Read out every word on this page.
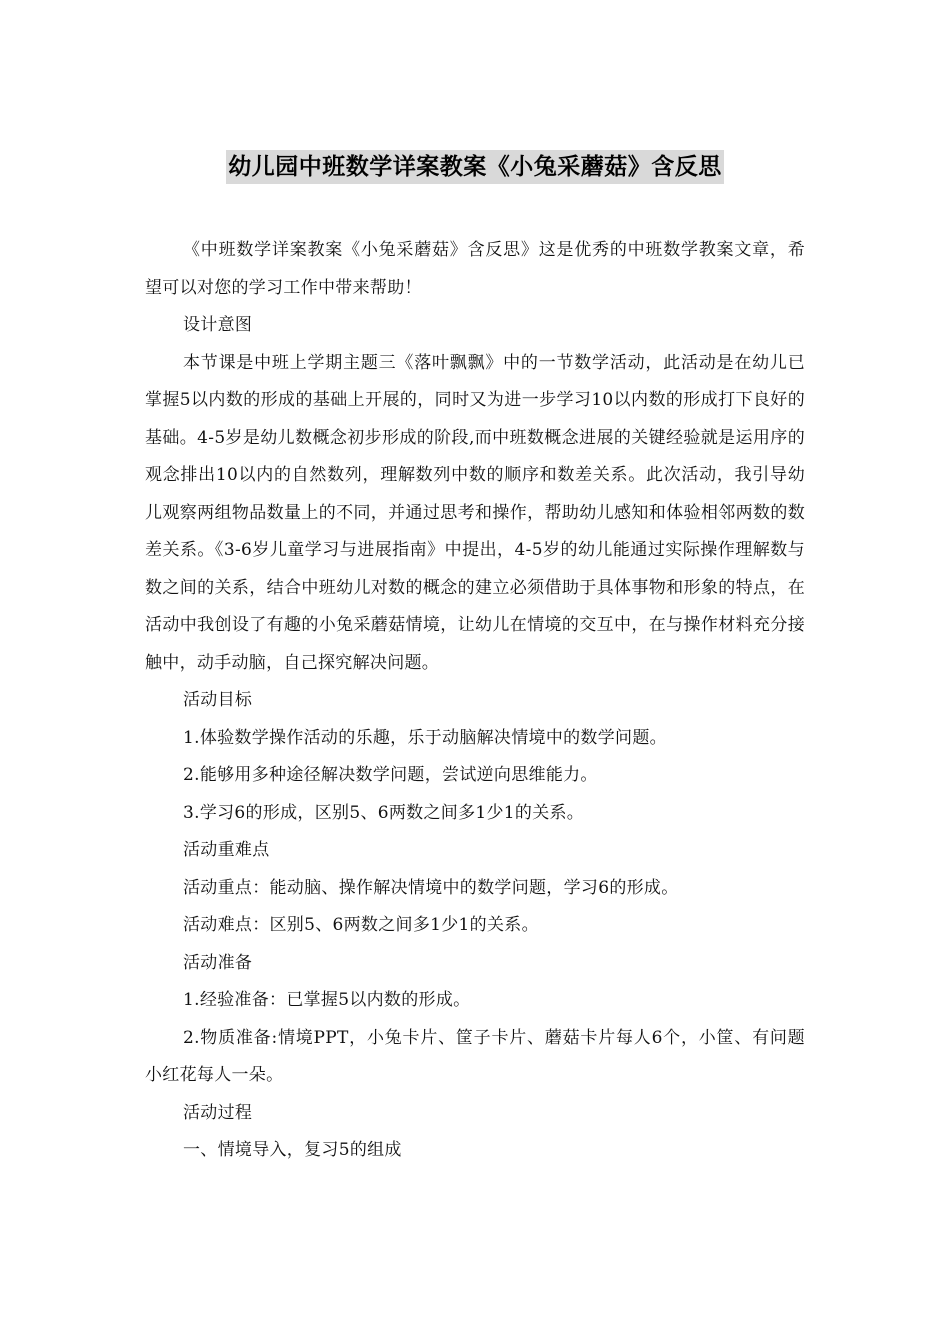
幼儿园中班数学详案教案《小兔采蘑菇》含反思

《中班数学详案教案《小兔采蘑菇》含反思》这是优秀的中班数学教案文章，希望可以对您的学习工作中带来帮助！

设计意图

本节课是中班上学期主题三《落叶飘飘》中的一节数学活动，此活动是在幼儿已掌握5以内数的形成的基础上开展的，同时又为进一步学习10以内数的形成打下良好的基础。4-5岁是幼儿数概念初步形成的阶段,而中班数概念进展的关键经验就是运用序的观念排出10以内的自然数列，理解数列中数的顺序和数差关系。此次活动，我引导幼儿观察两组物品数量上的不同，并通过思考和操作，帮助幼儿感知和体验相邻两数的数差关系。《3-6岁儿童学习与进展指南》中提出，4-5岁的幼儿能通过实际操作理解数与数之间的关系，结合中班幼儿对数的概念的建立必须借助于具体事物和形象的特点，在活动中我创设了有趣的小兔采蘑菇情境，让幼儿在情境的交互中，在与操作材料充分接触中，动手动脑，自己探究解决问题。

活动目标

1.体验数学操作活动的乐趣，乐于动脑解决情境中的数学问题。

2.能够用多种途径解决数学问题，尝试逆向思维能力。

3.学习6的形成，区别5、6两数之间多1少1的关系。

活动重难点

活动重点：能动脑、操作解决情境中的数学问题，学习6的形成。

活动难点：区别5、6两数之间多1少1的关系。

活动准备

1.经验准备：已掌握5以内数的形成。

2.物质准备:情境PPT，小兔卡片、筐子卡片、蘑菇卡片每人6个，小筐、有问题小红花每人一朵。

活动过程

一、情境导入，复习5的组成
